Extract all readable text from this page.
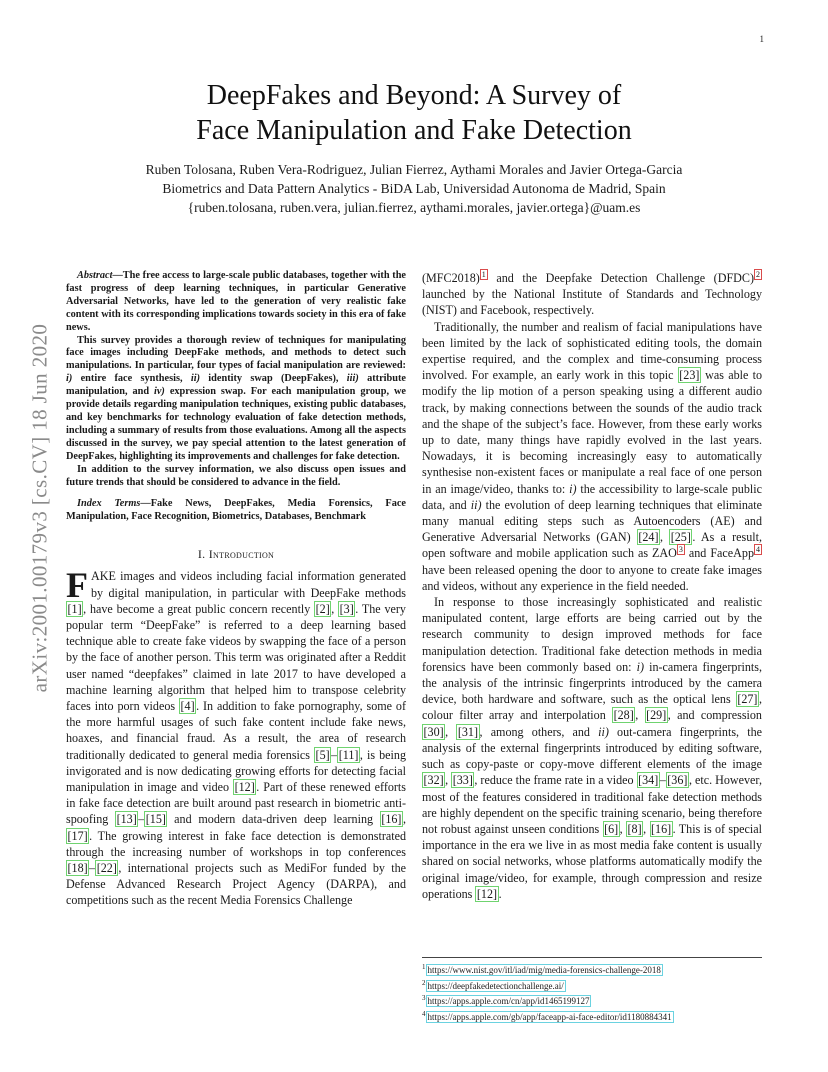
1
arXiv:2001.00179v3 [cs.CV] 18 Jun 2020
DeepFakes and Beyond: A Survey of
Face Manipulation and Fake Detection
Ruben Tolosana, Ruben Vera-Rodriguez, Julian Fierrez, Aythami Morales and Javier Ortega-Garcia
Biometrics and Data Pattern Analytics - BiDA Lab, Universidad Autonoma de Madrid, Spain
{ruben.tolosana, ruben.vera, julian.fierrez, aythami.morales, javier.ortega}@uam.es

Abstract—The free access to large-scale public databases, together with the fast progress of deep learning techniques, in particular Generative Adversarial Networks, have led to the generation of very realistic fake content with its corresponding implications towards society in this era of fake news.

This survey provides a thorough review of techniques for manipulating face images including DeepFake methods, and methods to detect such manipulations. In particular, four types of facial manipulation are reviewed: i) entire face synthesis, ii) identity swap (DeepFakes), iii) attribute manipulation, and iv) expression swap. For each manipulation group, we provide details regarding manipulation techniques, existing public databases, and key benchmarks for technology evaluation of fake detection methods, including a summary of results from those evaluations. Among all the aspects discussed in the survey, we pay special attention to the latest generation of DeepFakes, highlighting its improvements and challenges for fake detection.

In addition to the survey information, we also discuss open issues and future trends that should be considered to advance in the field.

Index Terms—Fake News, DeepFakes, Media Forensics, Face Manipulation, Face Recognition, Biometrics, Databases, Benchmark
I. Introduction

FAKE images and videos including facial information generated by digital manipulation, in particular with DeepFake methods [1] , have become a great public concern recently [2] , [3] . The very popular term “DeepFake” is referred to a deep learning based technique able to create fake videos by swapping the face of a person by the face of another person. This term was originated after a Reddit user named “deepfakes” claimed in late 2017 to have developed a machine learning algorithm that helped him to transpose celebrity faces into porn videos [4] . In addition to fake pornography, some of the more harmful usages of such fake content include fake news, hoaxes, and financial fraud. As a result, the area of research traditionally dedicated to general media forensics [5] – [11] , is being invigorated and is now dedicating growing efforts for detecting facial manipulation in image and video [12] . Part of these renewed efforts in fake face detection are built around past research in biometric anti-spoofing [13] – [15] and modern data-driven deep learning [16] , [17] . The growing interest in fake face detection is demonstrated through the increasing number of workshops in top conferences [18] – [22] , international projects such as MediFor funded by the Defense Advanced Research Project Agency (DARPA), and competitions such as the recent Media Forensics Challenge

(MFC2018) $^1$ and the Deepfake Detection Challenge (DFDC) $^2$ launched by the National Institute of Standards and Technology (NIST) and Facebook, respectively.

Traditionally, the number and realism of facial manipulations have been limited by the lack of sophisticated editing tools, the domain expertise required, and the complex and time-consuming process involved. For example, an early work in this topic [23] was able to modify the lip motion of a person speaking using a different audio track, by making connections between the sounds of the audio track and the shape of the subject’s face. However, from these early works up to date, many things have rapidly evolved in the last years. Nowadays, it is becoming increasingly easy to automatically synthesise non-existent faces or manipulate a real face of one person in an image/video, thanks to: i) the accessibility to large-scale public data, and ii) the evolution of deep learning techniques that eliminate many manual editing steps such as Autoencoders (AE) and Generative Adversarial Networks (GAN) [24] , [25] . As a result, open software and mobile application such as ZAO $^3$ and FaceApp $^4$ have been released opening the door to anyone to create fake images and videos, without any experience in the field needed.

In response to those increasingly sophisticated and realistic manipulated content, large efforts are being carried out by the research community to design improved methods for face manipulation detection. Traditional fake detection methods in media forensics have been commonly based on: i) in-camera fingerprints, the analysis of the intrinsic fingerprints introduced by the camera device, both hardware and software, such as the optical lens [27] , colour filter array and interpolation [28] , [29] , and compression [30] , [31] , among others, and ii) out-camera fingerprints, the analysis of the external fingerprints introduced by editing software, such as copy-paste or copy-move different elements of the image [32] , [33] , reduce the frame rate in a video [34] – [36] , etc. However, most of the features considered in traditional fake detection methods are highly dependent on the specific training scenario, being therefore not robust against unseen conditions [6] , [8] , [16] . This is of special importance in the era we live in as most media fake content is usually shared on social networks, whose platforms automatically modify the original image/video, for example, through compression and resize operations [12] .

$^1$ https://www.nist.gov/itl/iad/mig/media-forensics-challenge-2018
$^2$ https://deepfakedetectionchallenge.ai/
$^3$ https://apps.apple.com/cn/app/id1465199127
$^4$ https://apps.apple.com/gb/app/faceapp-ai-face-editor/id1180884341
